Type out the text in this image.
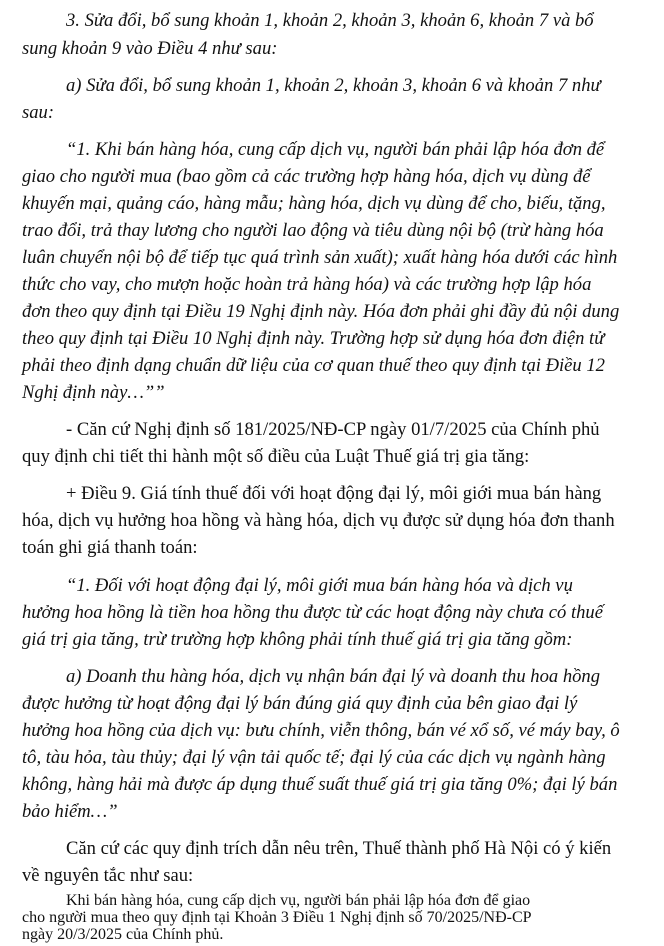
3. Sửa đổi, bổ sung khoản 1, khoản 2, khoản 3, khoản 6, khoản 7 và bổ
sung khoản 9 vào Điều 4 như sau:
a) Sửa đổi, bổ sung khoản 1, khoản 2, khoản 3, khoản 6 và khoản 7 như
sau:
“1. Khi bán hàng hóa, cung cấp dịch vụ, người bán phải lập hóa đơn để
giao cho người mua (bao gồm cả các trường hợp hàng hóa, dịch vụ dùng để
khuyến mại, quảng cáo, hàng mẫu; hàng hóa, dịch vụ dùng để cho, biếu, tặng,
trao đổi, trả thay lương cho người lao động và tiêu dùng nội bộ (trừ hàng hóa
luân chuyển nội bộ để tiếp tục quá trình sản xuất); xuất hàng hóa dưới các hình
thức cho vay, cho mượn hoặc hoàn trả hàng hóa) và các trường hợp lập hóa
đơn theo quy định tại Điều 19 Nghị định này. Hóa đơn phải ghi đầy đủ nội dung
theo quy định tại Điều 10 Nghị định này. Trường hợp sử dụng hóa đơn điện tử
phải theo định dạng chuẩn dữ liệu của cơ quan thuế theo quy định tại Điều 12
Nghị định này…””
- Căn cứ Nghị định số 181/2025/NĐ-CP ngày 01/7/2025 của Chính phủ
quy định chi tiết thi hành một số điều của Luật Thuế giá trị gia tăng:
+ Điều 9. Giá tính thuế đối với hoạt động đại lý, môi giới mua bán hàng
hóa, dịch vụ hưởng hoa hồng và hàng hóa, dịch vụ được sử dụng hóa đơn thanh
toán ghi giá thanh toán:
“1. Đối với hoạt động đại lý, môi giới mua bán hàng hóa và dịch vụ
hưởng hoa hồng là tiền hoa hồng thu được từ các hoạt động này chưa có thuế
giá trị gia tăng, trừ trường hợp không phải tính thuế giá trị gia tăng gồm:
a) Doanh thu hàng hóa, dịch vụ nhận bán đại lý và doanh thu hoa hồng
được hưởng từ hoạt động đại lý bán đúng giá quy định của bên giao đại lý
hưởng hoa hồng của dịch vụ: bưu chính, viễn thông, bán vé xổ số, vé máy bay, ô
tô, tàu hỏa, tàu thủy; đại lý vận tải quốc tế; đại lý của các dịch vụ ngành hàng
không, hàng hải mà được áp dụng thuế suất thuế giá trị gia tăng 0%; đại lý bán
bảo hiểm…”
Căn cứ các quy định trích dẫn nêu trên, Thuế thành phố Hà Nội có ý kiến
về nguyên tắc như sau:
Khi bán hàng hóa, cung cấp dịch vụ, người bán phải lập hóa đơn để giao
cho người mua theo quy định tại Khoản 3 Điều 1 Nghị định số 70/2025/NĐ-CP
ngày 20/3/2025 của Chính phủ.
